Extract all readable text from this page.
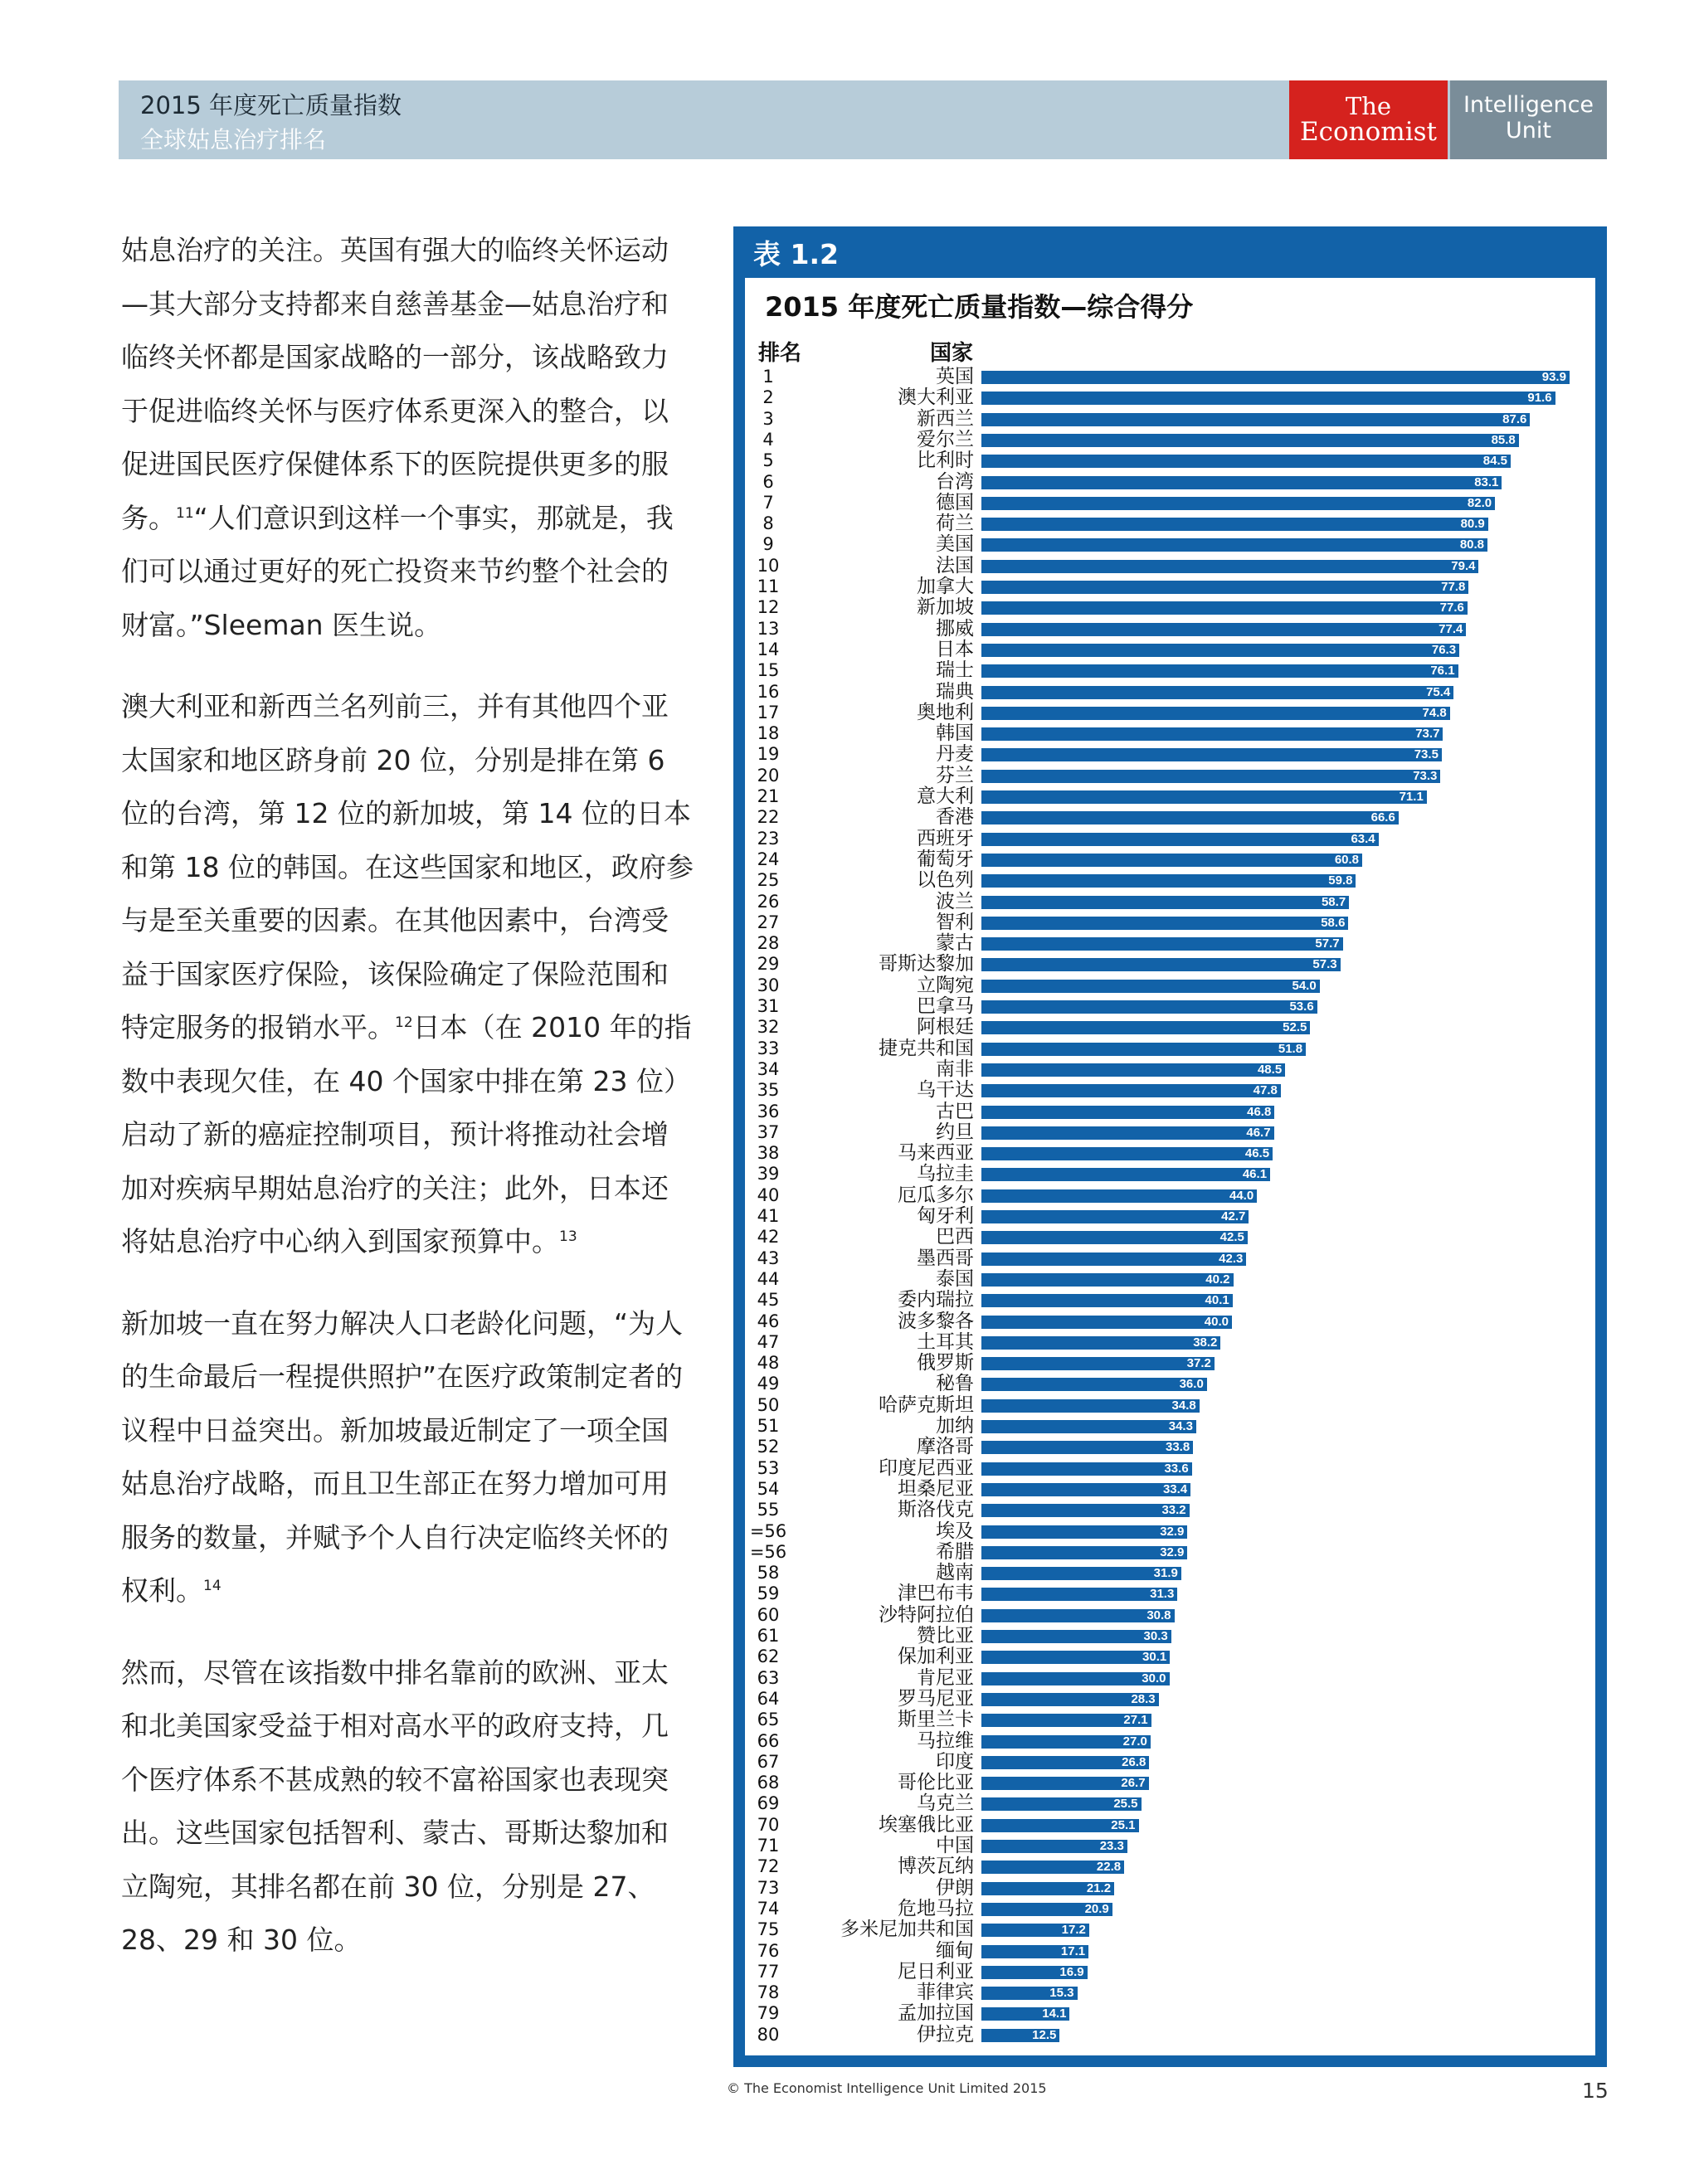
2015 年度死亡质量指数
全球姑息治疗排名
The
Economist
Intelligence
Unit

姑息治疗的关注。英国有强大的临终关怀运动—其大部分支持都来自慈善基金—姑息治疗和临终关怀都是国家战略的一部分，该战略致力于促进临终关怀与医疗体系更深入的整合，以促进国民医疗保健体系下的医院提供更多的服务。$^{11}$“人们意识到这样一个事实，那就是，我们可以通过更好的死亡投资来节约整个社会的财富。”Sleeman 医生说。

澳大利亚和新西兰名列前三，并有其他四个亚太国家和地区跻身前 20 位，分别是排在第 6 位的台湾，第 12 位的新加坡，第 14 位的日本和第 18 位的韩国。在这些国家和地区，政府参与是至关重要的因素。在其他因素中，台湾受益于国家医疗保险，该保险确定了保险范围和特定服务的报销水平。$^{12}$日本（在 2010 年的指数中表现欠佳，在 40 个国家中排在第 23 位）启动了新的癌症控制项目，预计将推动社会增加对疾病早期姑息治疗的关注；此外，日本还将姑息治疗中心纳入到国家预算中。$^{13}$

新加坡一直在努力解决人口老龄化问题，“为人的生命最后一程提供照护”在医疗政策制定者的议程中日益突出。新加坡最近制定了一项全国姑息治疗战略，而且卫生部正在努力增加可用服务的数量，并赋予个人自行决定临终关怀的权利。$^{14}$

然而，尽管在该指数中排名靠前的欧洲、亚太和北美国家受益于相对高水平的政府支持，几个医疗体系不甚成熟的较不富裕国家也表现突出。这些国家包括智利、蒙古、哥斯达黎加和立陶宛，其排名都在前 30 位，分别是 27、28、29 和 30 位。

表 1.2
2015 年度死亡质量指数—综合得分
排名	国家
1	英国	93.9
2	澳大利亚	91.6
3	新西兰	87.6
4	爱尔兰	85.8
5	比利时	84.5
6	台湾	83.1
7	德国	82.0
8	荷兰	80.9
9	美国	80.8
10	法国	79.4
11	加拿大	77.8
12	新加坡	77.6
13	挪威	77.4
14	日本	76.3
15	瑞士	76.1
16	瑞典	75.4
17	奥地利	74.8
18	韩国	73.7
19	丹麦	73.5
20	芬兰	73.3
21	意大利	71.1
22	香港	66.6
23	西班牙	63.4
24	葡萄牙	60.8
25	以色列	59.8
26	波兰	58.7
27	智利	58.6
28	蒙古	57.7
29	哥斯达黎加	57.3
30	立陶宛	54.0
31	巴拿马	53.6
32	阿根廷	52.5
33	捷克共和国	51.8
34	南非	48.5
35	乌干达	47.8
36	古巴	46.8
37	约旦	46.7
38	马来西亚	46.5
39	乌拉圭	46.1
40	厄瓜多尔	44.0
41	匈牙利	42.7
42	巴西	42.5
43	墨西哥	42.3
44	泰国	40.2
45	委内瑞拉	40.1
46	波多黎各	40.0
47	土耳其	38.2
48	俄罗斯	37.2
49	秘鲁	36.0
50	哈萨克斯坦	34.8
51	加纳	34.3
52	摩洛哥	33.8
53	印度尼西亚	33.6
54	坦桑尼亚	33.4
55	斯洛伐克	33.2
=56	埃及	32.9
=56	希腊	32.9
58	越南	31.9
59	津巴布韦	31.3
60	沙特阿拉伯	30.8
61	赞比亚	30.3
62	保加利亚	30.1
63	肯尼亚	30.0
64	罗马尼亚	28.3
65	斯里兰卡	27.1
66	马拉维	27.0
67	印度	26.8
68	哥伦比亚	26.7
69	乌克兰	25.5
70	埃塞俄比亚	25.1
71	中国	23.3
72	博茨瓦纳	22.8
73	伊朗	21.2
74	危地马拉	20.9
75	多米尼加共和国	17.2
76	缅甸	17.1
77	尼日利亚	16.9
78	菲律宾	15.3
79	孟加拉国	14.1
80	伊拉克	12.5
© The Economist Intelligence Unit Limited 2015	15
